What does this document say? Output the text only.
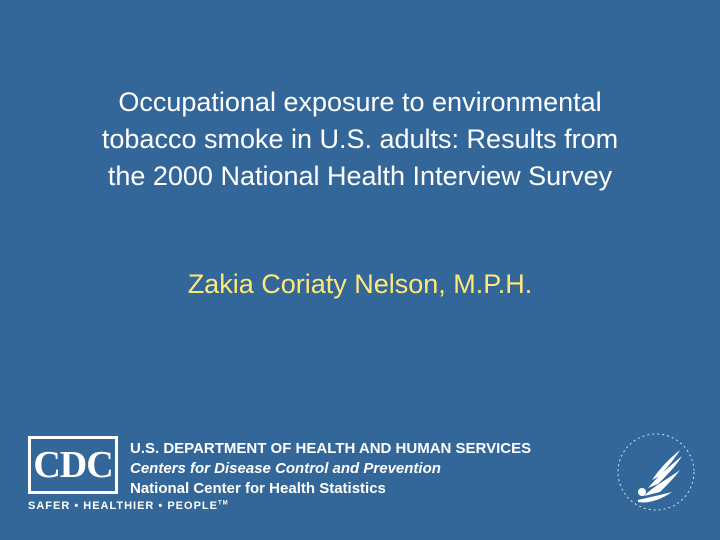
Occupational exposure to environmental
tobacco smoke in U.S. adults: Results from
the 2000 National Health Interview Survey
Zakia Coriaty Nelson, M.P.H.
CDC
SAFER • HEALTHIER • PEOPLE™
U.S. DEPARTMENT OF HEALTH AND HUMAN SERVICES
Centers for Disease Control and Prevention
National Center for Health Statistics
